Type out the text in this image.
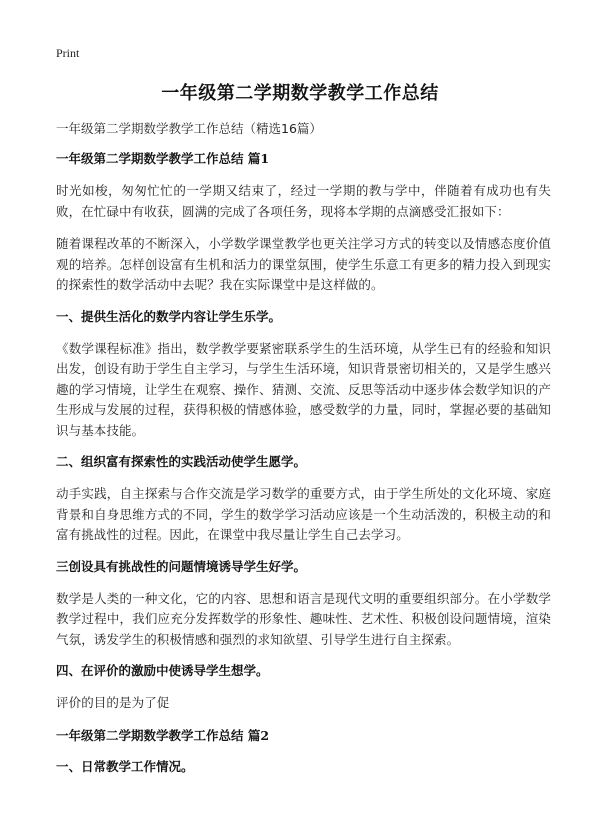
Print
一年级第二学期数学教学工作总结

一年级第二学期数学教学工作总结（精选16篇）

一年级第二学期数学教学工作总结 篇1

时光如梭，匆匆忙忙的一学期又结束了，经过一学期的教与学中，伴随着有成功也有失败，在忙碌中有收获，圆满的完成了各项任务，现将本学期的点滴感受汇报如下：

随着课程改革的不断深入，小学数学课堂教学也更关注学习方式的转变以及情感态度价值观的培养。怎样创设富有生机和活力的课堂氛围，使学生乐意工有更多的精力投入到现实的探索性的数学活动中去呢？我在实际课堂中是这样做的。

一、提供生活化的数学内容让学生乐学。

《数学课程标准》指出，数学教学要紧密联系学生的生活环境，从学生已有的经验和知识出发，创设有助于学生自主学习，与学生生活环境，知识背景密切相关的，又是学生感兴趣的学习情境，让学生在观察、操作、猜测、交流、反思等活动中逐步体会数学知识的产生形成与发展的过程，获得积极的情感体验，感受数学的力量，同时，掌握必要的基础知识与基本技能。

二、组织富有探索性的实践活动使学生愿学。

动手实践，自主探索与合作交流是学习数学的重要方式，由于学生所处的文化环境、家庭背景和自身思维方式的不同，学生的数学学习活动应该是一个生动活泼的，积极主动的和富有挑战性的过程。因此，在课堂中我尽量让学生自己去学习。

三创设具有挑战性的问题情境诱导学生好学。

数学是人类的一种文化，它的内容、思想和语言是现代文明的重要组织部分。在小学数学教学过程中，我们应充分发挥数学的形象性、趣味性、艺术性、积极创设问题情境，渲染气氛，诱发学生的积极情感和强烈的求知欲望、引导学生进行自主探索。

四、在评价的激励中使诱导学生想学。

评价的目的是为了促

一年级第二学期数学教学工作总结 篇2

一、日常教学工作情况。
